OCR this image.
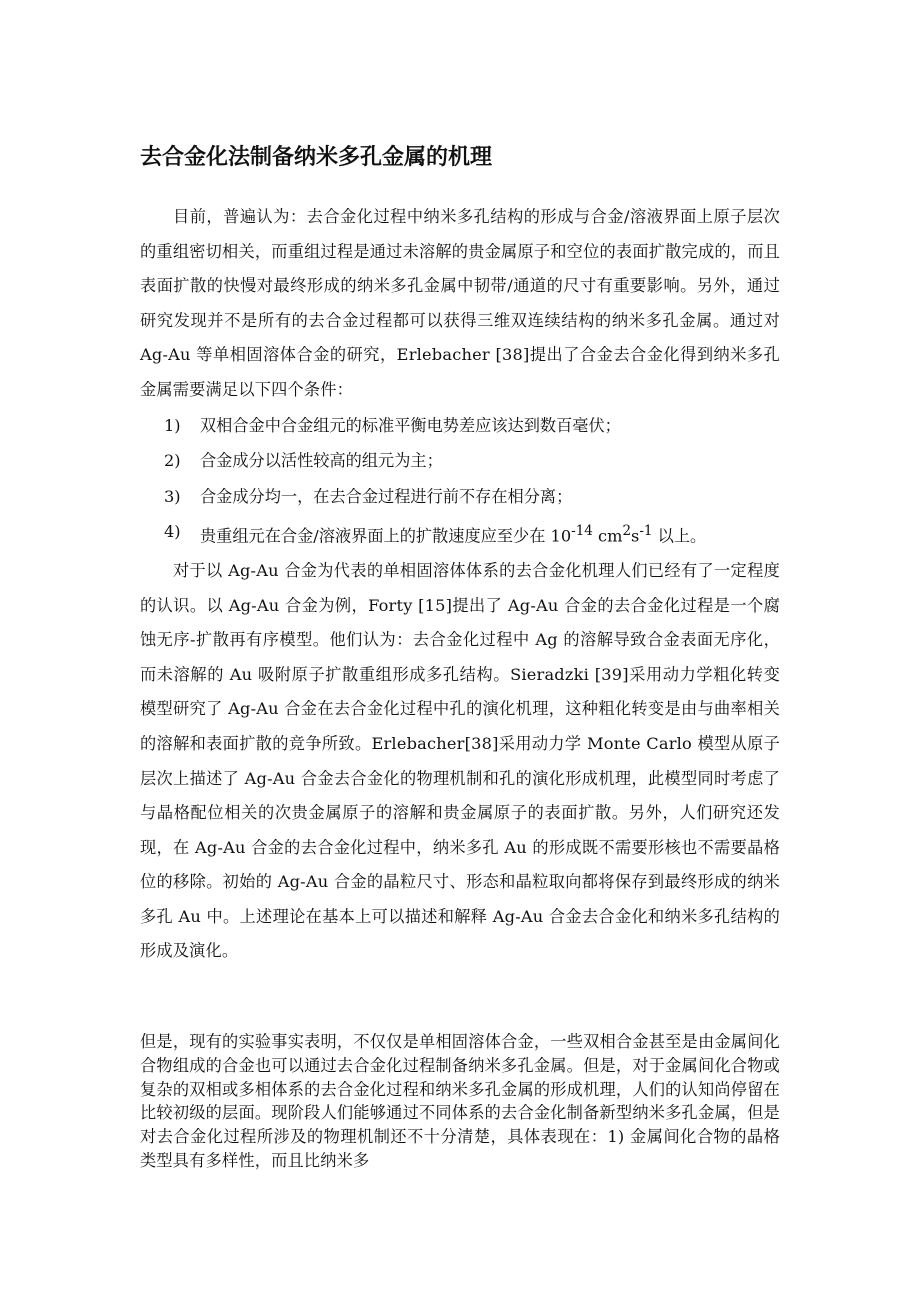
去合金化法制备纳米多孔金属的机理

目前，普遍认为：去合金化过程中纳米多孔结构的形成与合金/溶液界面上原子层次的重组密切相关，而重组过程是通过未溶解的贵金属原子和空位的表面扩散完成的，而且表面扩散的快慢对最终形成的纳米多孔金属中韧带/通道的尺寸有重要影响。另外，通过研究发现并不是所有的去合金过程都可以获得三维双连续结构的纳米多孔金属。通过对 Ag-Au 等单相固溶体合金的研究，Erlebacher [38]提出了合金去合金化得到纳米多孔金属需要满足以下四个条件：

1)	双相合金中合金组元的标准平衡电势差应该达到数百毫伏；
2)	合金成分以活性较高的组元为主；
3)	合金成分均一，在去合金过程进行前不存在相分离；
4)	贵重组元在合金/溶液界面上的扩散速度应至少在 $10^{-14}$ $cm^2s^{-1}$ 以上。

对于以 Ag-Au 合金为代表的单相固溶体体系的去合金化机理人们已经有了一定程度的认识。以 Ag-Au 合金为例，Forty [15]提出了 Ag-Au 合金的去合金化过程是一个腐蚀无序-扩散再有序模型。他们认为：去合金化过程中 Ag 的溶解导致合金表面无序化，而未溶解的 Au 吸附原子扩散重组形成多孔结构。Sieradzki [39]采用动力学粗化转变模型研究了 Ag-Au 合金在去合金化过程中孔的演化机理，这种粗化转变是由与曲率相关的溶解和表面扩散的竞争所致。Erlebacher[38]采用动力学 Monte Carlo 模型从原子层次上描述了 Ag-Au 合金去合金化的物理机制和孔的演化形成机理，此模型同时考虑了与晶格配位相关的次贵金属原子的溶解和贵金属原子的表面扩散。另外，人们研究还发现，在 Ag-Au 合金的去合金化过程中，纳米多孔 Au 的形成既不需要形核也不需要晶格位的移除。初始的 Ag-Au 合金的晶粒尺寸、形态和晶粒取向都将保存到最终形成的纳米多孔 Au 中。上述理论在基本上可以描述和解释 Ag-Au 合金去合金化和纳米多孔结构的形成及演化。

但是，现有的实验事实表明，不仅仅是单相固溶体合金，一些双相合金甚至是由金属间化合物组成的合金也可以通过去合金化过程制备纳米多孔金属。但是，对于金属间化合物或复杂的双相或多相体系的去合金化过程和纳米多孔金属的形成机理，人们的认知尚停留在比较初级的层面。现阶段人们能够通过不同体系的去合金化制备新型纳米多孔金属，但是对去合金化过程所涉及的物理机制还不十分清楚，具体表现在：1) 金属间化合物的晶格类型具有多样性，而且比纳米多
